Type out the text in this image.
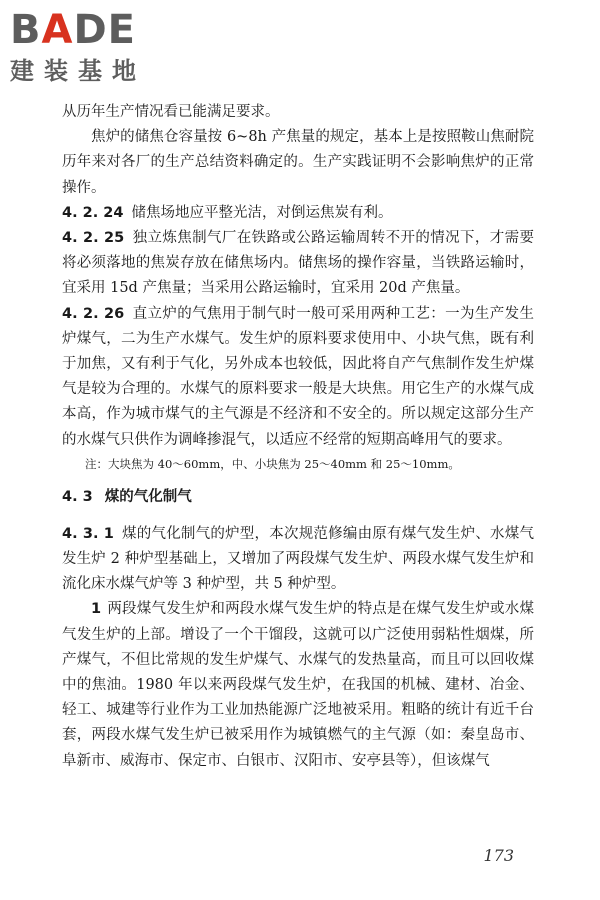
BADE
建装基地

从历年生产情况看已能满足要求。

焦炉的储焦仓容量按 6~8h 产焦量的规定，基本上是按照鞍山焦耐院历年来对各厂的生产总结资料确定的。生产实践证明不会影响焦炉的正常操作。

4. 2. 24 储焦场地应平整光洁，对倒运焦炭有利。

4. 2. 25 独立炼焦制气厂在铁路或公路运输周转不开的情况下，才需要将必须落地的焦炭存放在储焦场内。储焦场的操作容量，当铁路运输时，宜采用 15d 产焦量；当采用公路运输时，宜采用 20d 产焦量。

4. 2. 26 直立炉的气焦用于制气时一般可采用两种工艺：一为生产发生炉煤气，二为生产水煤气。发生炉的原料要求使用中、小块气焦，既有利于加焦，又有利于气化，另外成本也较低，因此将自产气焦制作发生炉煤气是较为合理的。水煤气的原料要求一般是大块焦。用它生产的水煤气成本高，作为城市煤气的主气源是不经济和不安全的。所以规定这部分生产的水煤气只供作为调峰掺混气，以适应不经常的短期高峰用气的要求。

注：大块焦为 40～60mm，中、小块焦为 25～40mm 和 25～10mm。

4. 3 煤的气化制气

4. 3. 1 煤的气化制气的炉型，本次规范修编由原有煤气发生炉、水煤气发生炉 2 种炉型基础上，又增加了两段煤气发生炉、两段水煤气发生炉和流化床水煤气炉等 3 种炉型，共 5 种炉型。

1 两段煤气发生炉和两段水煤气发生炉的特点是在煤气发生炉或水煤气发生炉的上部。增设了一个干馏段，这就可以广泛使用弱粘性烟煤，所产煤气，不但比常规的发生炉煤气、水煤气的发热量高，而且可以回收煤中的焦油。1980 年以来两段煤气发生炉，在我国的机械、建材、冶金、轻工、城建等行业作为工业加热能源广泛地被采用。粗略的统计有近千台套，两段水煤气发生炉已被采用作为城镇燃气的主气源（如：秦皇岛市、阜新市、威海市、保定市、白银市、汉阳市、安亭县等），但该煤气

173
